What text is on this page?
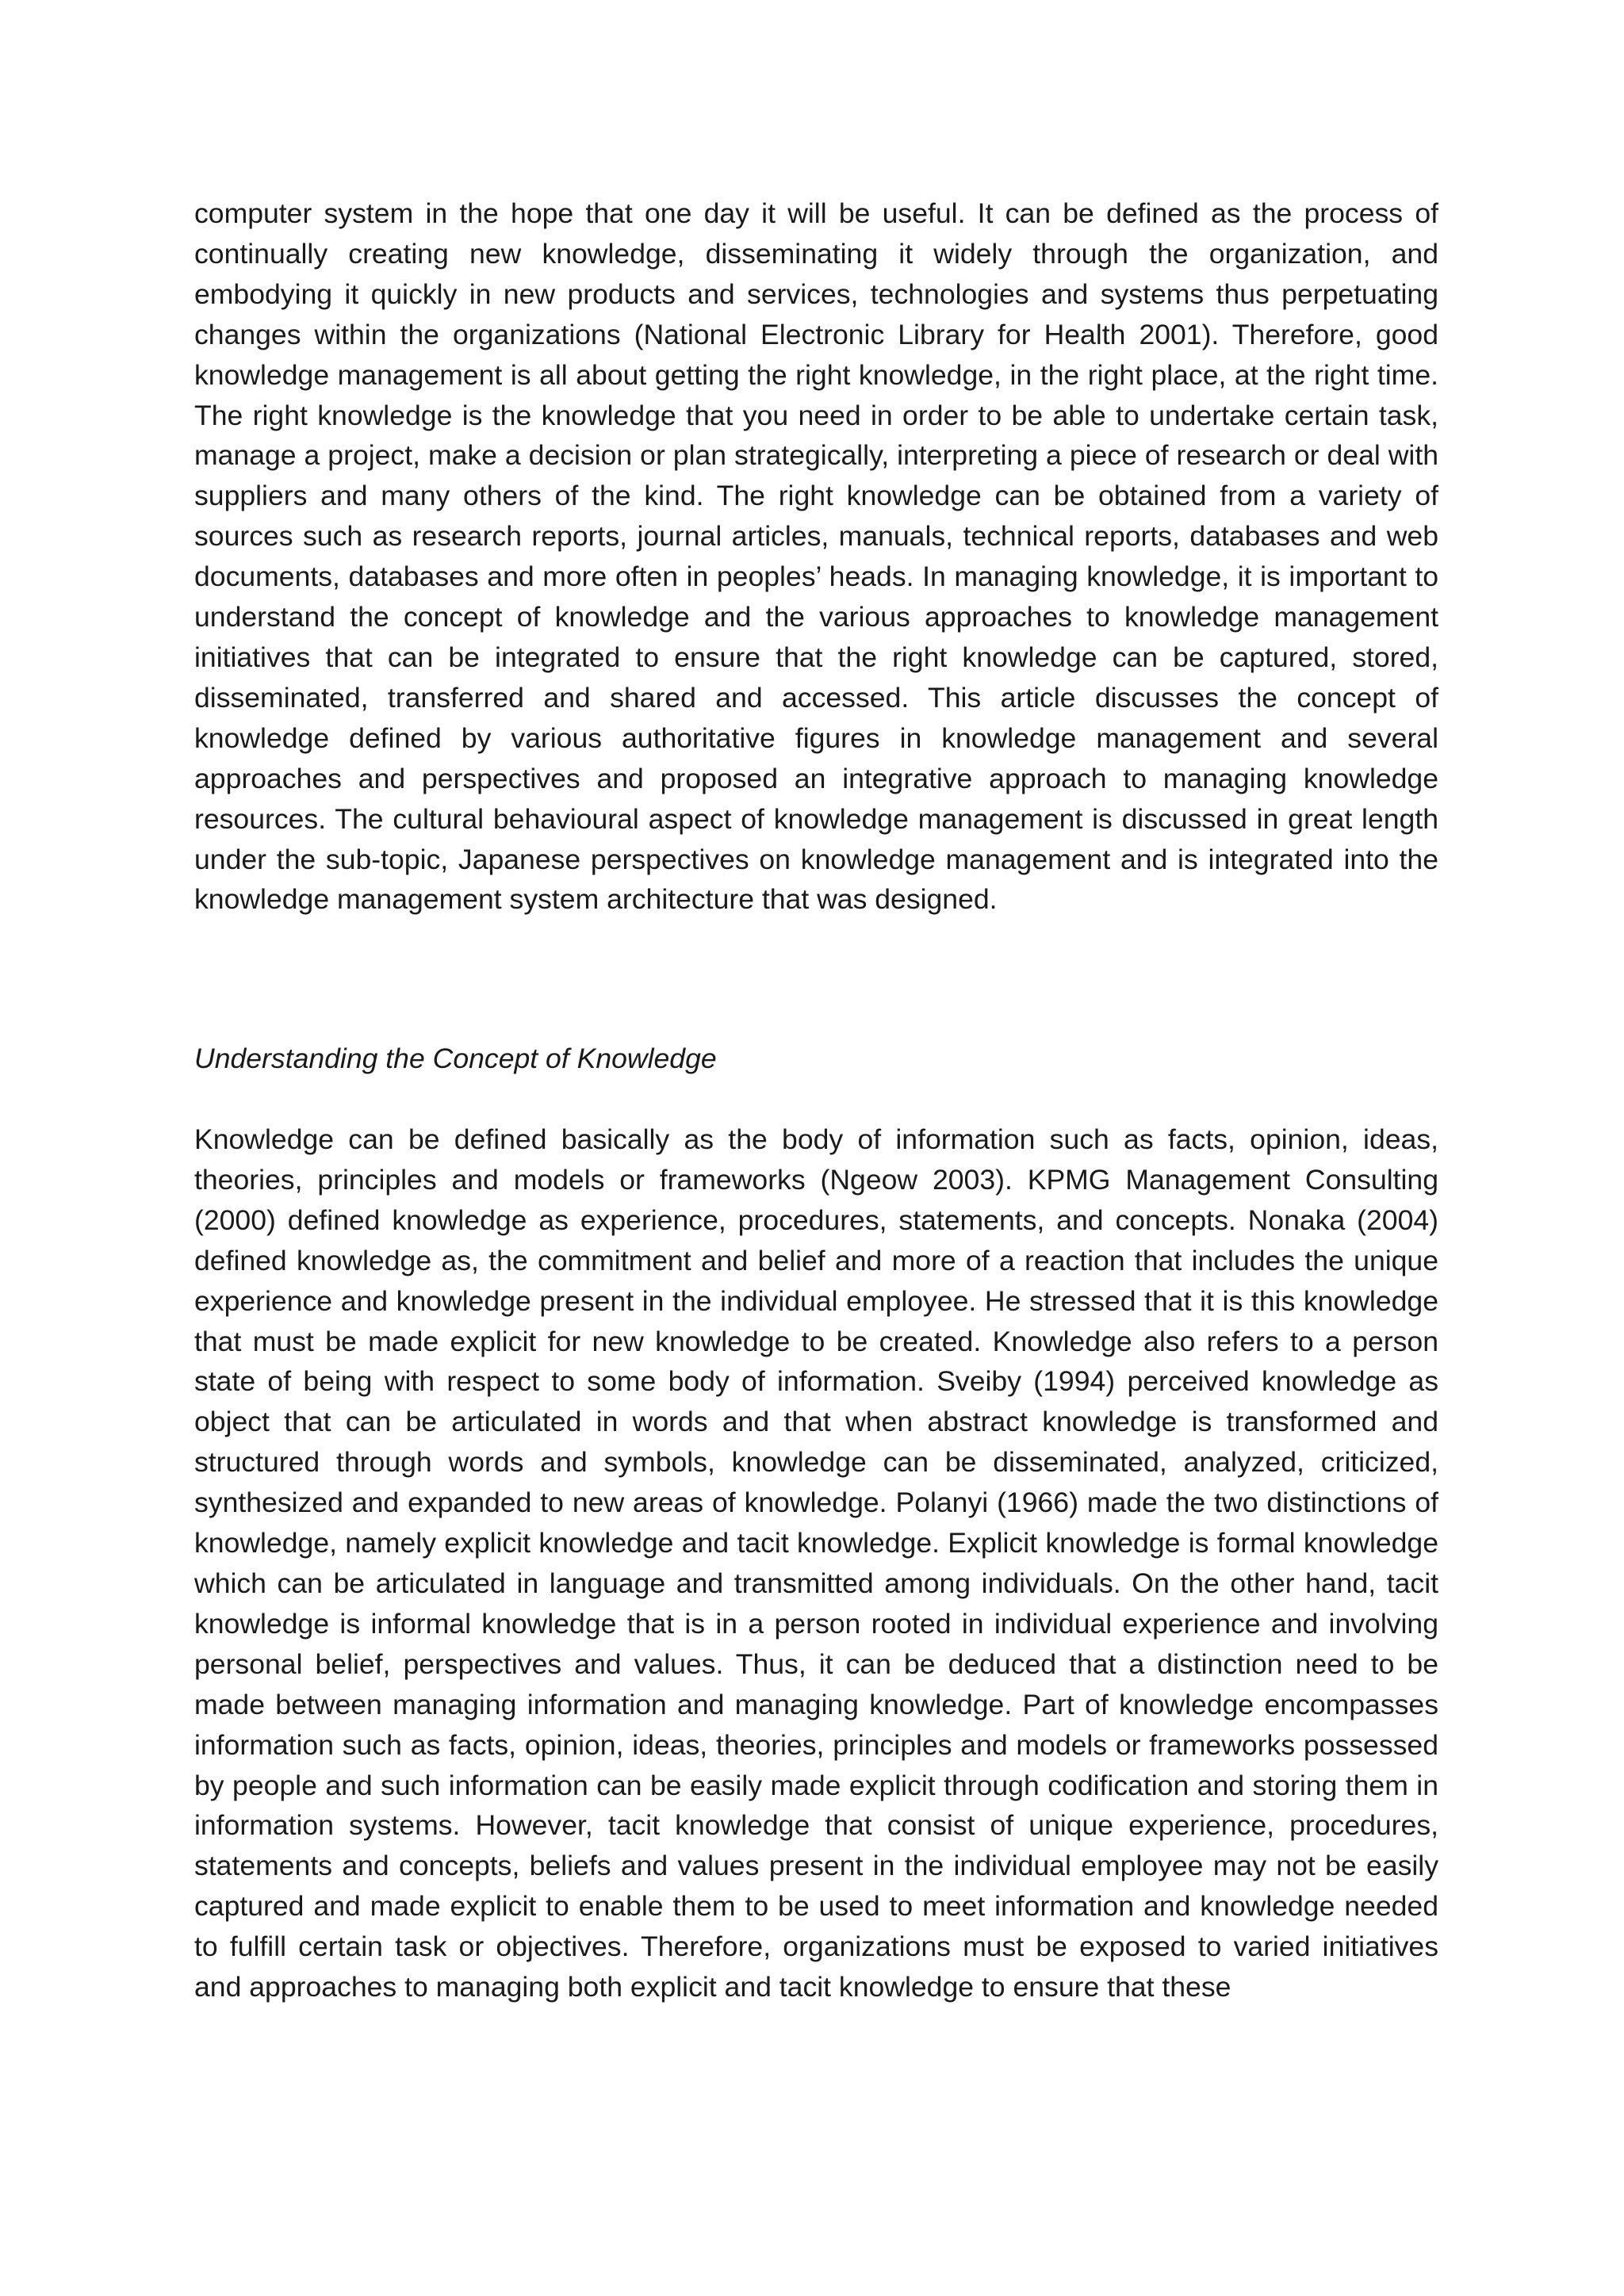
computer system in the hope that one day it will be useful. It can be defined as the process of continually creating new knowledge, disseminating it widely through the organization, and embodying it quickly in new products and services, technologies and systems thus perpetuating changes within the organizations (National Electronic Library for Health 2001). Therefore, good knowledge management is all about getting the right knowledge, in the right place, at the right time. The right knowledge is the knowledge that you need in order to be able to undertake certain task, manage a project, make a decision or plan strategically, interpreting a piece of research or deal with suppliers and many others of the kind. The right knowledge can be obtained from a variety of sources such as research reports, journal articles, manuals, technical reports, databases and web documents, databases and more often in peoples’ heads. In managing knowledge, it is important to understand the concept of knowledge and the various approaches to knowledge management initiatives that can be integrated to ensure that the right knowledge can be captured, stored, disseminated, transferred and shared and accessed. This article discusses the concept of knowledge defined by various authoritative figures in knowledge management and several approaches and perspectives and proposed an integrative approach to managing knowledge resources. The cultural behavioural aspect of knowledge management is discussed in great length under the sub-topic, Japanese perspectives on knowledge management and is integrated into the knowledge management system architecture that was designed.

Understanding the Concept of Knowledge

Knowledge can be defined basically as the body of information such as facts, opinion, ideas, theories, principles and models or frameworks (Ngeow 2003). KPMG Management Consulting (2000) defined knowledge as experience, procedures, statements, and concepts. Nonaka (2004) defined knowledge as, the commitment and belief and more of a reaction that includes the unique experience and knowledge present in the individual employee. He stressed that it is this knowledge that must be made explicit for new knowledge to be created. Knowledge also refers to a person state of being with respect to some body of information. Sveiby (1994) perceived knowledge as object that can be articulated in words and that when abstract knowledge is transformed and structured through words and symbols, knowledge can be disseminated, analyzed, criticized, synthesized and expanded to new areas of knowledge. Polanyi (1966) made the two distinctions of knowledge, namely explicit knowledge and tacit knowledge. Explicit knowledge is formal knowledge which can be articulated in language and transmitted among individuals. On the other hand, tacit knowledge is informal knowledge that is in a person rooted in individual experience and involving personal belief, perspectives and values. Thus, it can be deduced that a distinction need to be made between managing information and managing knowledge. Part of knowledge encompasses information such as facts, opinion, ideas, theories, principles and models or frameworks possessed by people and such information can be easily made explicit through codification and storing them in information systems. However, tacit knowledge that consist of unique experience, procedures, statements and concepts, beliefs and values present in the individual employee may not be easily captured and made explicit to enable them to be used to meet information and knowledge needed to fulfill certain task or objectives. Therefore, organizations must be exposed to varied initiatives and approaches to managing both explicit and tacit knowledge to ensure that these
